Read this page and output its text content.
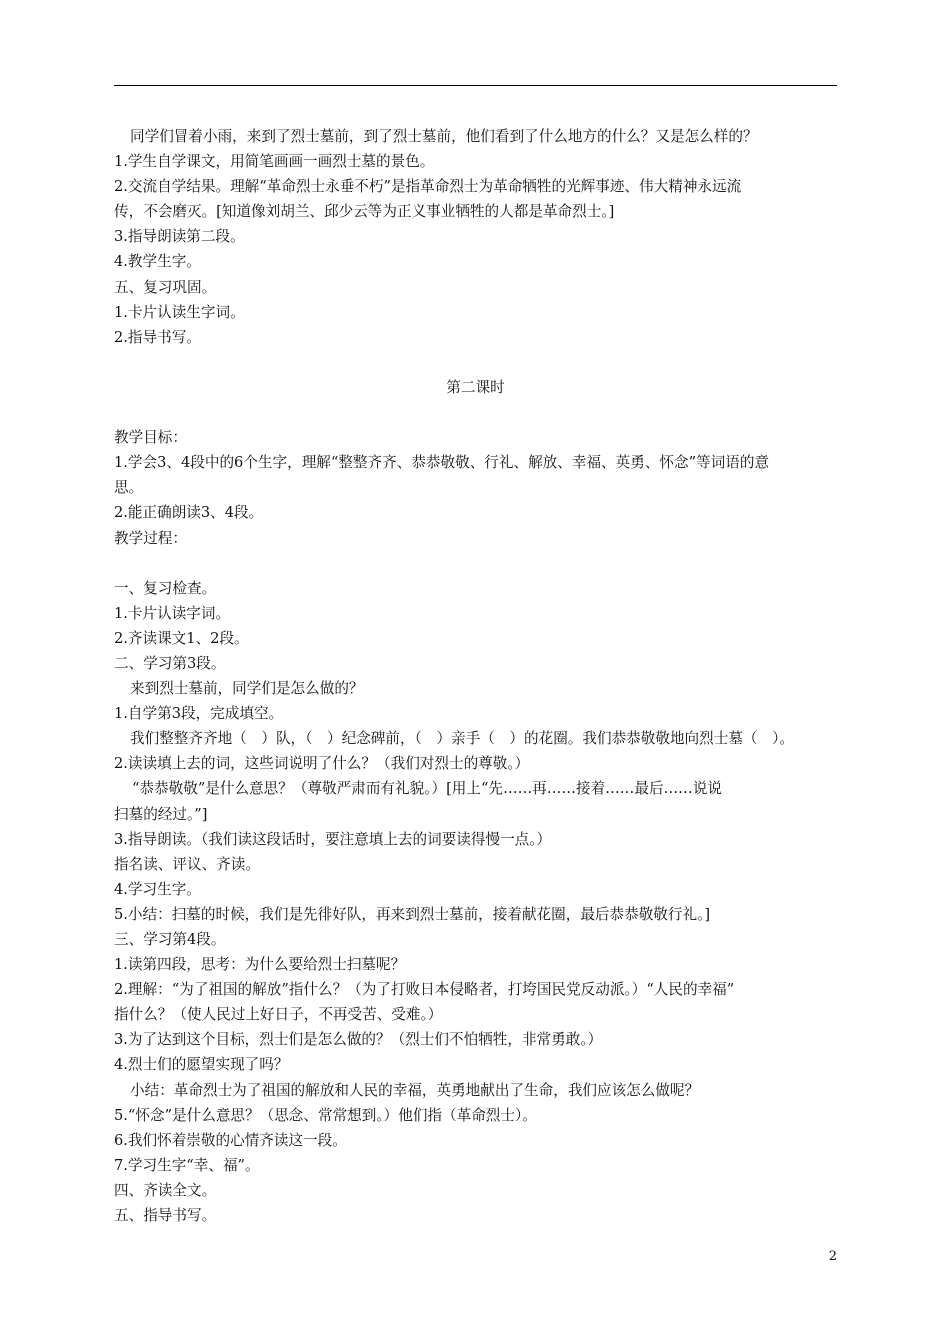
同学们冒着小雨，来到了烈士墓前，到了烈士墓前，他们看到了什么地方的什么？又是怎么样的？
1.学生自学课文，用简笔画画一画烈士墓的景色。
2.交流自学结果。理解“革命烈士永垂不朽”是指革命烈士为革命牺牲的光辉事迹、伟大精神永远流
传，不会磨灭。[知道像刘胡兰、邱少云等为正义事业牺牲的人都是革命烈士。]
3.指导朗读第二段。
4.教学生字。
五、复习巩固。
1.卡片认读生字词。
2.指导书写。
第二课时
教学目标：
1.学会3、4段中的6个生字，理解“整整齐齐、恭恭敬敬、行礼、解放、幸福、英勇、怀念”等词语的意
思。
2.能正确朗读3、4段。
教学过程：
一、复习检查。
1.卡片认读字词。
2.齐读课文1、2段。
二、学习第3段。
来到烈士墓前，同学们是怎么做的？
1.自学第3段，完成填空。
我们整整齐齐地（　）队，（　）纪念碑前，（　）亲手（　）的花圈。我们恭恭敬敬地向烈士墓（　）。
2.读读填上去的词，这些词说明了什么？（我们对烈士的尊敬。）
“恭恭敬敬”是什么意思？（尊敬严肃而有礼貌。）[用上“先……再……接着……最后……说说
扫墓的经过。”]
3.指导朗读。（我们读这段话时，要注意填上去的词要读得慢一点。）
指名读、评议、齐读。
4.学习生字。
5.小结：扫墓的时候，我们是先徘好队，再来到烈士墓前，接着献花圈，最后恭恭敬敬行礼。]
三、学习第4段。
1.读第四段，思考：为什么要给烈士扫墓呢？
2.理解：“为了祖国的解放”指什么？（为了打败日本侵略者，打垮国民党反动派。）“人民的幸福”
指什么？（使人民过上好日子，不再受苦、受难。）
3.为了达到这个目标，烈士们是怎么做的？（烈士们不怕牺牲，非常勇敢。）
4.烈士们的愿望实现了吗？
小结：革命烈士为了祖国的解放和人民的幸福，英勇地献出了生命，我们应该怎么做呢？
5.“怀念”是什么意思？（思念、常常想到。）他们指（革命烈士）。
6.我们怀着崇敬的心情齐读这一段。
7.学习生字“幸、福”。
四、齐读全文。
五、指导书写。
2
